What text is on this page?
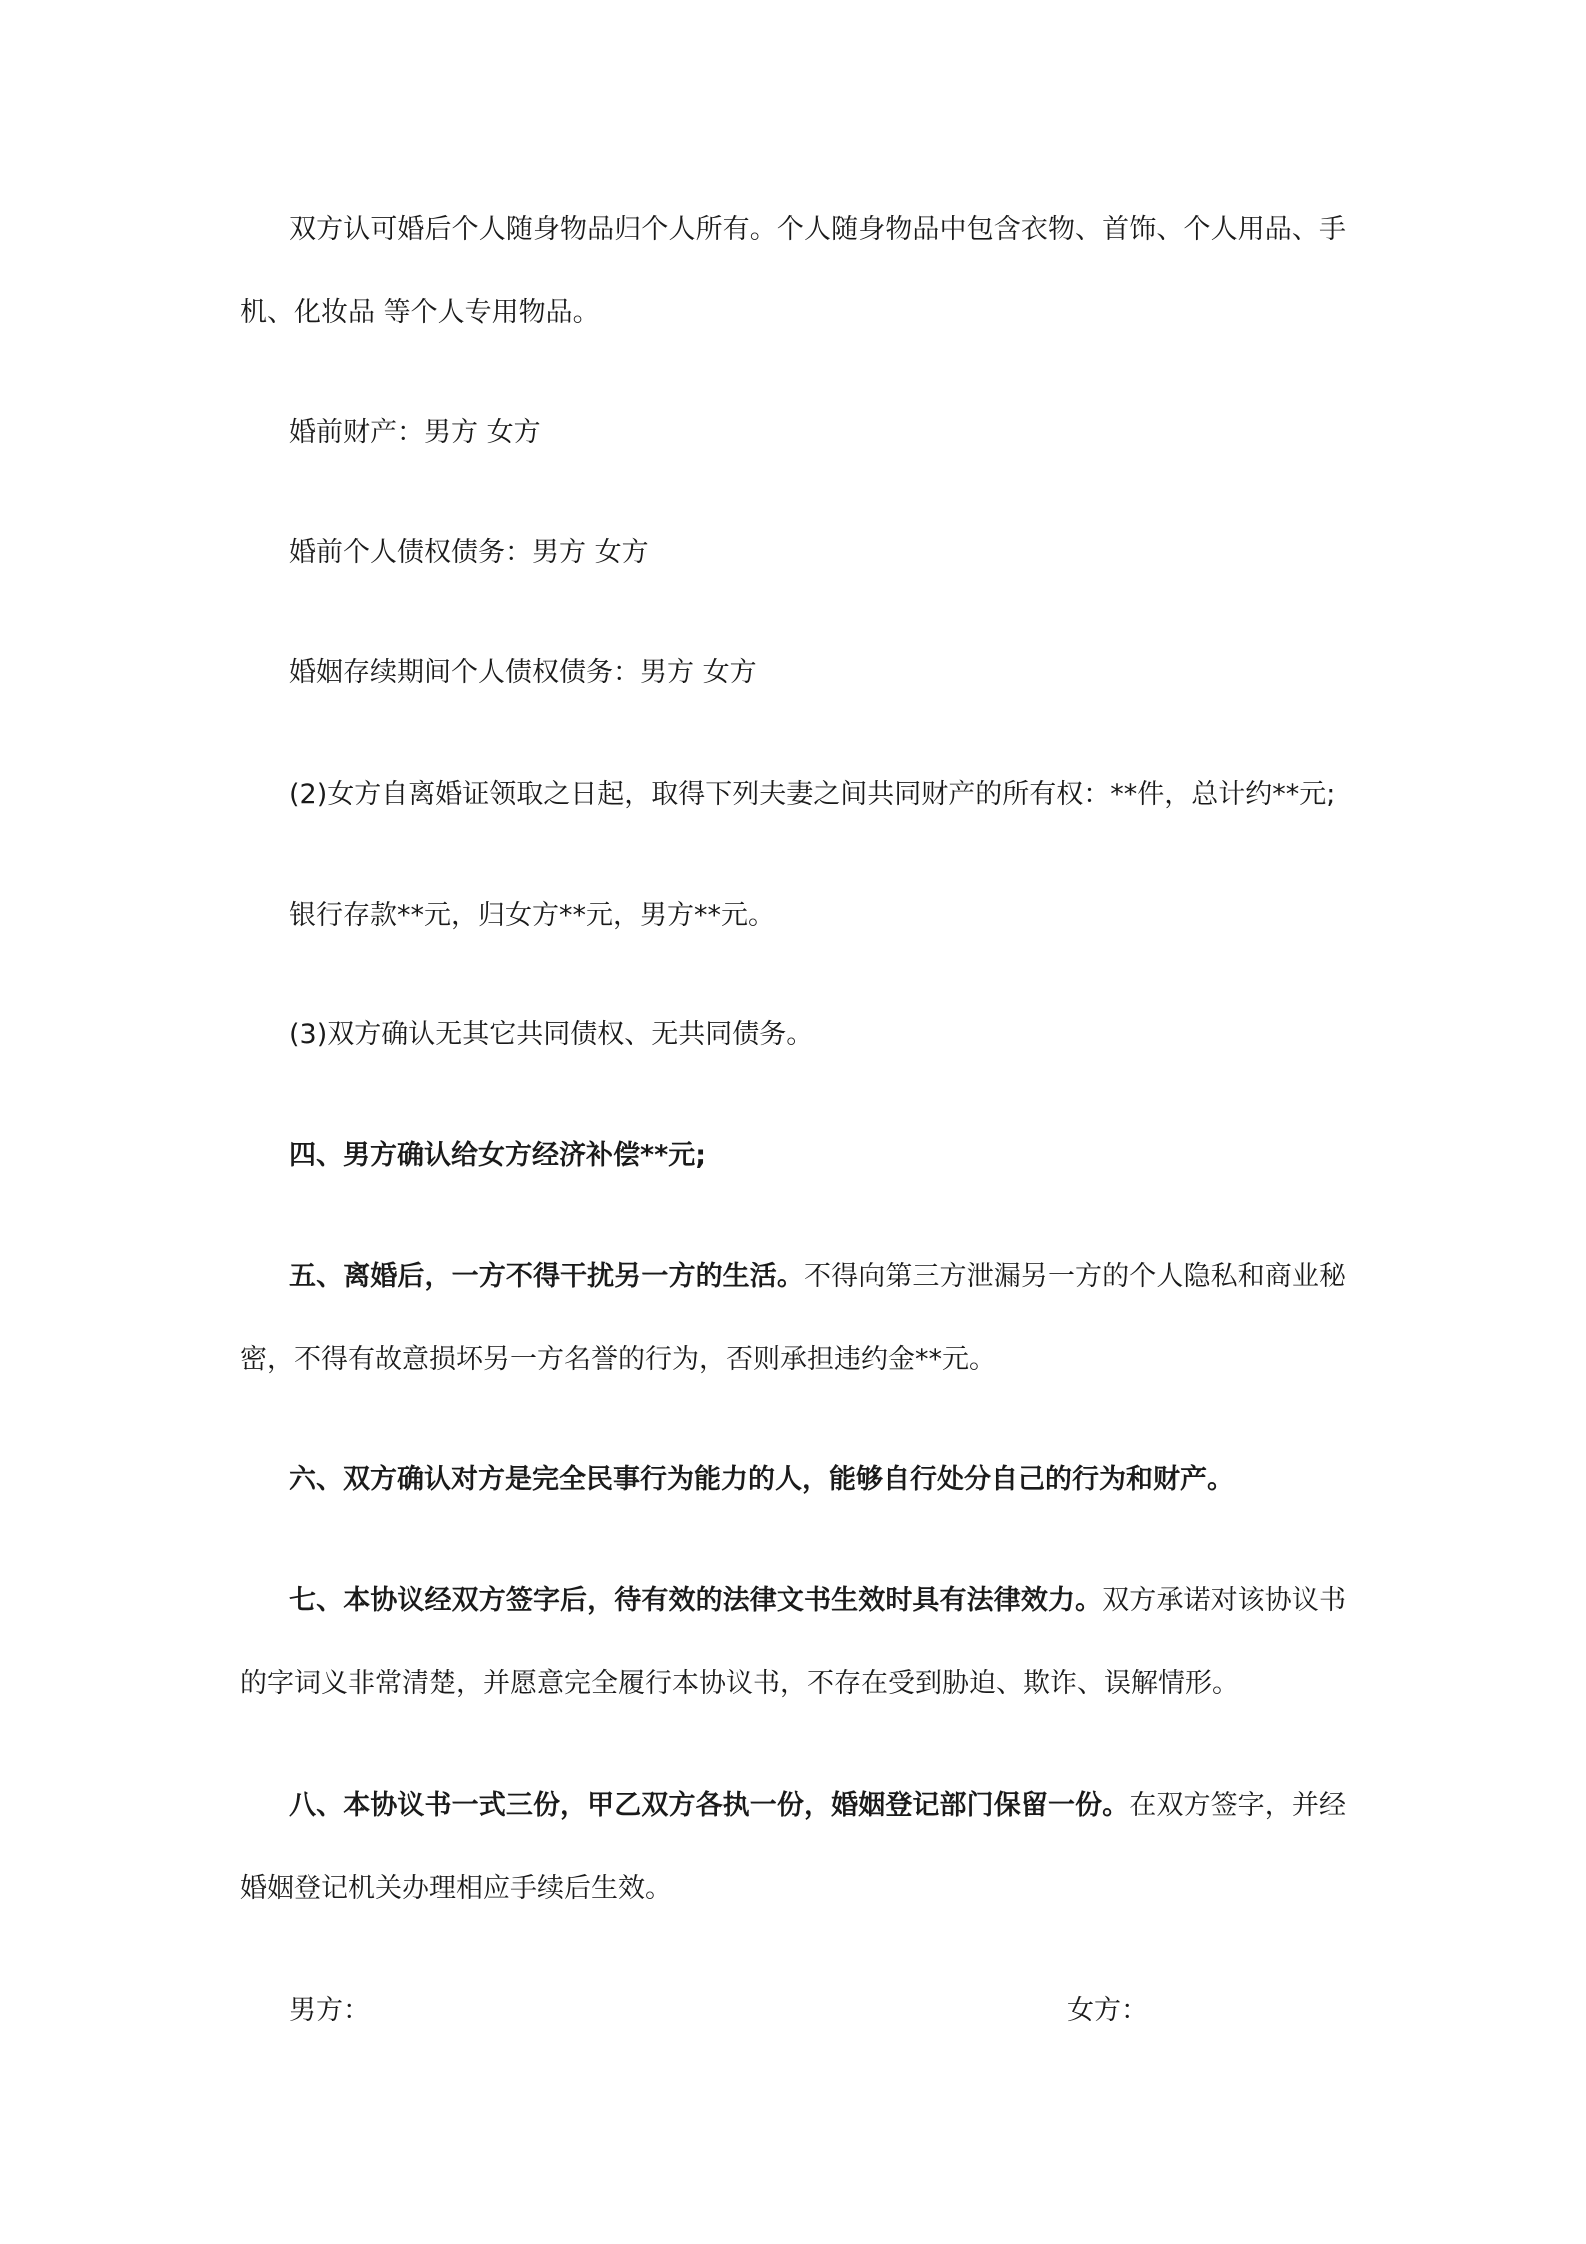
双方认可婚后个人随身物品归个人所有。个人随身物品中包含衣物、首饰、个人用品、手机、化妆品 等个人专用物品。

婚前财产：男方 女方

婚前个人债权债务：男方 女方

婚姻存续期间个人债权债务：男方 女方

(2)女方自离婚证领取之日起，取得下列夫妻之间共同财产的所有权：**件，总计约**元;

银行存款**元，归女方**元，男方**元。

(3)双方确认无其它共同债权、无共同债务。

四、男方确认给女方经济补偿**元;

五、离婚后，一方不得干扰另一方的生活。不得向第三方泄漏另一方的个人隐私和商业秘密，不得有故意损坏另一方名誉的行为，否则承担违约金**元。

六、双方确认对方是完全民事行为能力的人，能够自行处分自己的行为和财产。

七、本协议经双方签字后，待有效的法律文书生效时具有法律效力。双方承诺对该协议书的字词义非常清楚，并愿意完全履行本协议书，不存在受到胁迫、欺诈、误解情形。

八、本协议书一式三份，甲乙双方各执一份，婚姻登记部门保留一份。在双方签字，并经婚姻登记机关办理相应手续后生效。

男方：	女方：
